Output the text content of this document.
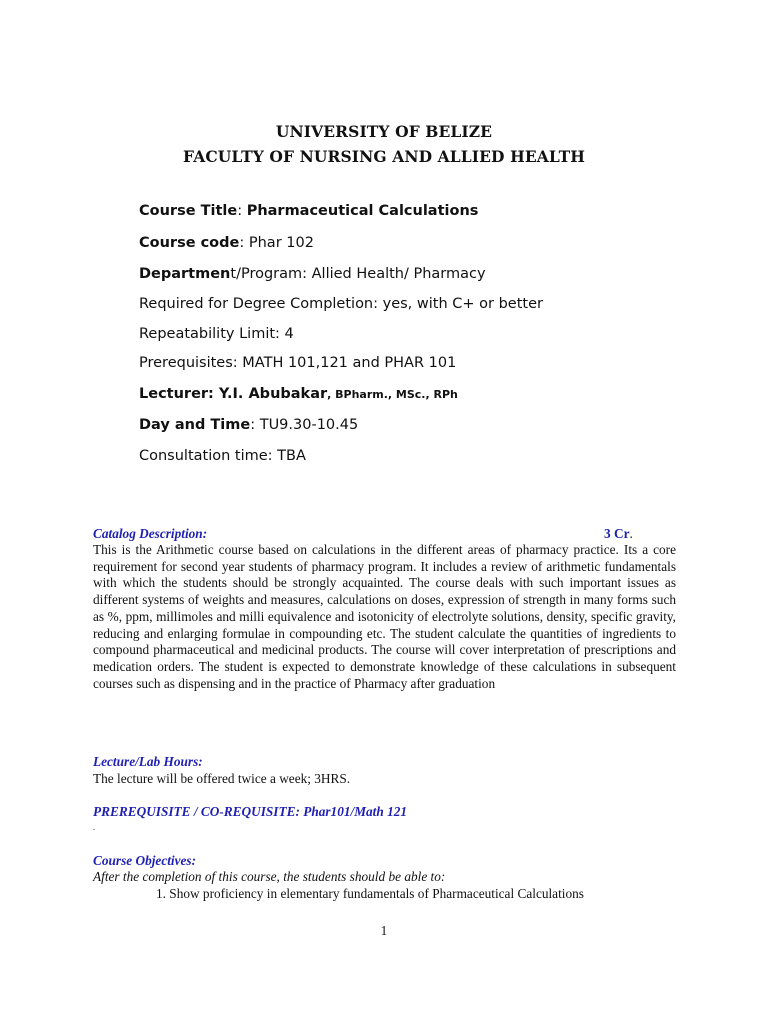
UNIVERSITY OF BELIZE
FACULTY OF NURSING AND ALLIED HEALTH
Course Title: Pharmaceutical Calculations
Course code: Phar 102
Department/Program: Allied Health/ Pharmacy
Required for Degree Completion: yes, with C+ or better
Repeatability Limit: 4
Prerequisites: MATH 101,121 and PHAR 101
Lecturer: Y.I. Abubakar, BPharm., MSc., RPh
Day and Time: TU9.30-10.45
Consultation time: TBA
Catalog Description:	3 Cr.
This is the Arithmetic course based on calculations in the different areas of pharmacy practice. Its a core requirement for second year students of pharmacy program. It includes a review of arithmetic fundamentals with which the students should be strongly acquainted. The course deals with such important issues as different systems of weights and measures, calculations on doses, expression of strength in many forms such as %, ppm, millimoles and milli equivalence and isotonicity of electrolyte solutions, density, specific gravity, reducing and enlarging formulae in compounding etc. The student calculate the quantities of ingredients to compound pharmaceutical and medicinal products. The course will cover interpretation of prescriptions and medication orders. The student is expected to demonstrate knowledge of these calculations in subsequent courses such as dispensing and in the practice of Pharmacy after graduation
Lecture/Lab Hours:
The lecture will be offered twice a week; 3HRS.
PREREQUISITE / CO-REQUISITE: Phar101/Math 121
.
Course Objectives:
After the completion of this course, the students should be able to:
1. Show proficiency in elementary fundamentals of Pharmaceutical Calculations
1
